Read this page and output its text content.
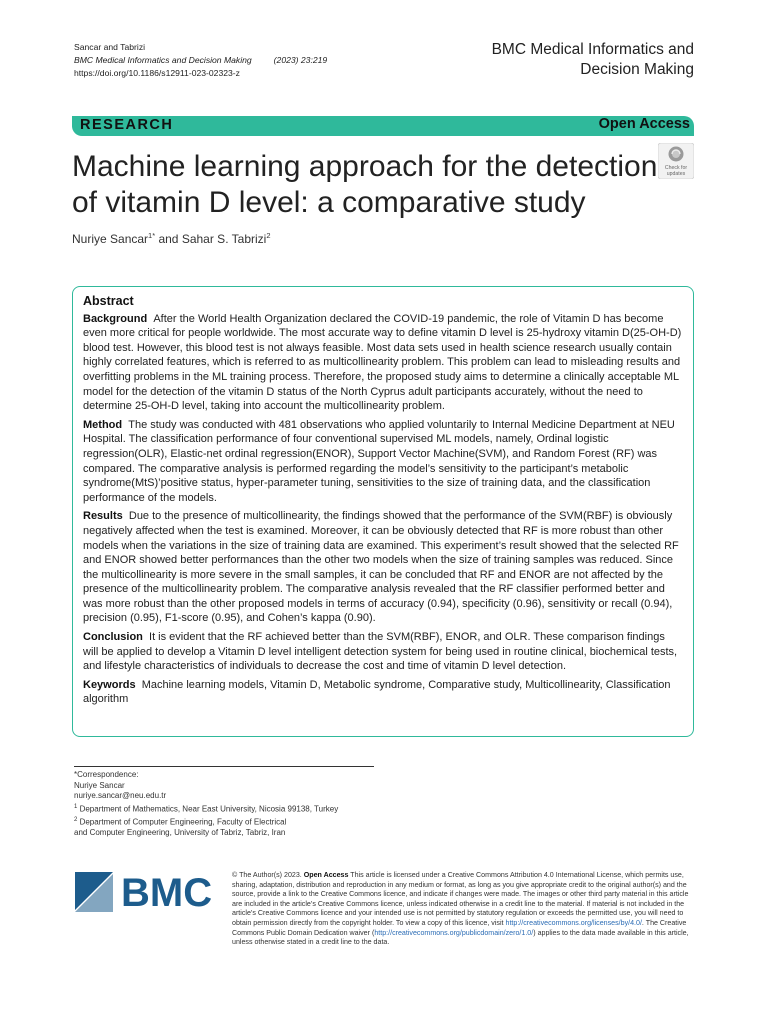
Sancar and Tabrizi
BMC Medical Informatics and Decision Making	(2023) 23:219
https://doi.org/10.1186/s12911-023-02323-z
BMC Medical Informatics and
Decision Making
RESEARCH	Open Access
Machine learning approach for the detection of vitamin D level: a comparative study
Check for
updates
Nuriye Sancar$^{1*}$ and Sahar S. Tabrizi$^2$
Abstract

Background After the World Health Organization declared the COVID-19 pandemic, the role of Vitamin D has become even more critical for people worldwide. The most accurate way to define vitamin D level is 25-hydroxy vitamin D(25-OH-D) blood test. However, this blood test is not always feasible. Most data sets used in health science research usually contain highly correlated features, which is referred to as multicollinearity problem. This problem can lead to misleading results and overfitting problems in the ML training process. Therefore, the proposed study aims to determine a clinically acceptable ML model for the detection of the vitamin D status of the North Cyprus adult participants accurately, without the need to determine 25-OH-D level, taking into account the multicollinearity problem.

Method The study was conducted with 481 observations who applied voluntarily to Internal Medicine Department at NEU Hospital. The classification performance of four conventional supervised ML models, namely, Ordinal logistic regression(OLR), Elastic-net ordinal regression(ENOR), Support Vector Machine(SVM), and Random Forest (RF) was compared. The comparative analysis is performed regarding the model’s sensitivity to the participant’s metabolic syndrome(MtS)’positive status, hyper-parameter tuning, sensitivities to the size of training data, and the classification performance of the models.

Results Due to the presence of multicollinearity, the findings showed that the performance of the SVM(RBF) is obviously negatively affected when the test is examined. Moreover, it can be obviously detected that RF is more robust than other models when the variations in the size of training data are examined. This experiment’s result showed that the selected RF and ENOR showed better performances than the other two models when the size of training samples was reduced. Since the multicollinearity is more severe in the small samples, it can be concluded that RF and ENOR are not affected by the presence of the multicollinearity problem. The comparative analysis revealed that the RF classifier performed better and was more robust than the other proposed models in terms of accuracy (0.94), specificity (0.96), sensitivity or recall (0.94), precision (0.95), F1-score (0.95), and Cohen’s kappa (0.90).

Conclusion It is evident that the RF achieved better than the SVM(RBF), ENOR, and OLR. These comparison findings will be applied to develop a Vitamin D level intelligent detection system for being used in routine clinical, biochemical tests, and lifestyle characteristics of individuals to decrease the cost and time of vitamin D level detection.

Keywords Machine learning models, Vitamin D, Metabolic syndrome, Comparative study, Multicollinearity, Classification algorithm

*Correspondence:
Nuriye Sancar
nuriye.sancar@neu.edu.tr
$^1$ Department of Mathematics, Near East University, Nicosia 99138, Turkey
$^2$ Department of Computer Engineering, Faculty of Electrical
and Computer Engineering, University of Tabriz, Tabriz, Iran
BMC	© The Author(s) 2023. Open Access This article is licensed under a Creative Commons Attribution 4.0 International License, which permits use, sharing, adaptation, distribution and reproduction in any medium or format, as long as you give appropriate credit to the original author(s) and the source, provide a link to the Creative Commons licence, and indicate if changes were made. The images or other third party material in this article are included in the article’s Creative Commons licence, unless indicated otherwise in a credit line to the material. If material is not included in the article’s Creative Commons licence and your intended use is not permitted by statutory regulation or exceeds the permitted use, you will need to obtain permission directly from the copyright holder. To view a copy of this licence, visit http://creativecommons.org/licenses/by/4.0/. The Creative Commons Public Domain Dedication waiver (http://creativecommons.org/publicdomain/zero/1.0/) applies to the data made available in this article, unless otherwise stated in a credit line to the data.
